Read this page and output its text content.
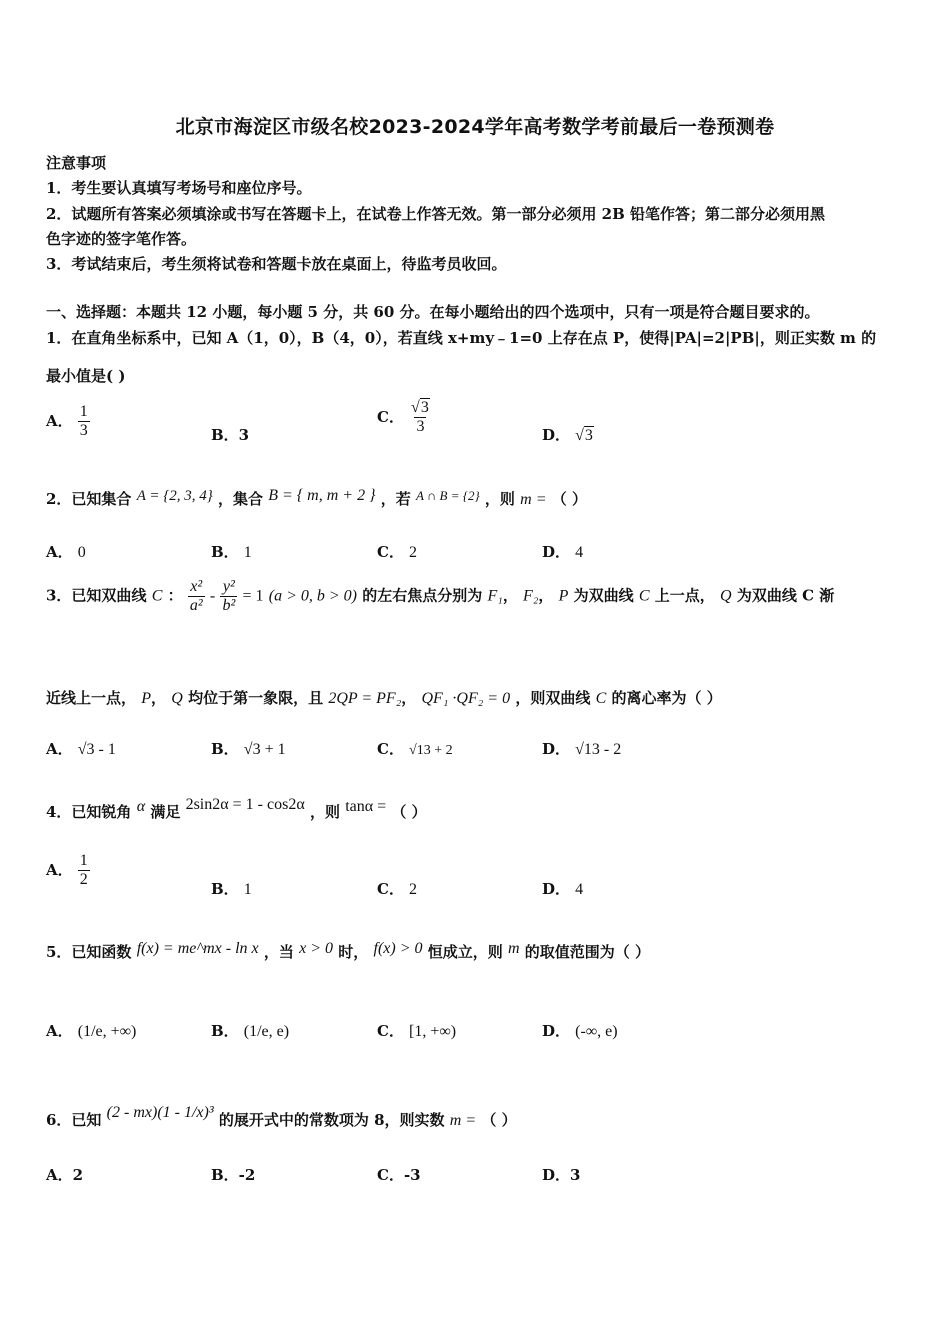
北京市海淀区市级名校2023-2024学年高考数学考前最后一卷预测卷
注意事项
1．考生要认真填写考场号和座位序号。
2．试题所有答案必须填涂或书写在答题卡上，在试卷上作答无效。第一部分必须用 2B 铅笔作答；第二部分必须用黑
色字迹的签字笔作答。
3．考试结束后，考生须将试卷和答题卡放在桌面上，待监考员收回。
一、选择题：本题共 12 小题，每小题 5 分，共 60 分。在每小题给出的四个选项中，只有一项是符合题目要求的。
1．在直角坐标系中，已知 A（1，0），B（4，0），若直线 x+my﹣1=0 上存在点 P，使得|PA|=2|PB|，则正实数 m 的
最小值是( )
A． $\frac{1}{3}$	B．3
C． $\frac{√3}{3}$	D． √3
2．已知集合 A = {2, 3, 4} ，集合 B = { m, m + 2 } ，若 A ∩ B = {2} ，则 m = （ ）
A． 0	B． 1	C． 2	D． 4
3．已知双曲线 C ： $\frac{\text{x²}}{\text{a²}} - \frac{\text{y²}}{\text{b²}} = 1$ (a > 0, b > 0) 的左右焦点分别为 F₁， F₂， P 为双曲线 C 上一点， Q 为双曲线 C 渐
近线上一点， P， Q 均位于第一象限，且 2QP = PF₂， QF₁ ·QF₂ = 0 ，则双曲线 C 的离心率为（ ）
A． √3 - 1	B． √3 + 1	C． √13 + 2	D． √13 - 2
4．已知锐角 α 满足 2sin2α = 1 - cos2α ，则 tanα = （ ）
A． $\frac{1}{2}$	B． 1	C． 2	D． 4
5．已知函数 f(x) = me^mx - ln x ，当 x > 0 时， f(x) > 0 恒成立，则 m 的取值范围为（ ）
A． (1/e, +∞)	B． (1/e, e)	C． [1, +∞)	D． (-∞, e)
6．已知 (2 - mx)(1 - 1/x)³ 的展开式中的常数项为 8，则实数 m = （ ）
A．2	B．-2	C．-3	D．3
